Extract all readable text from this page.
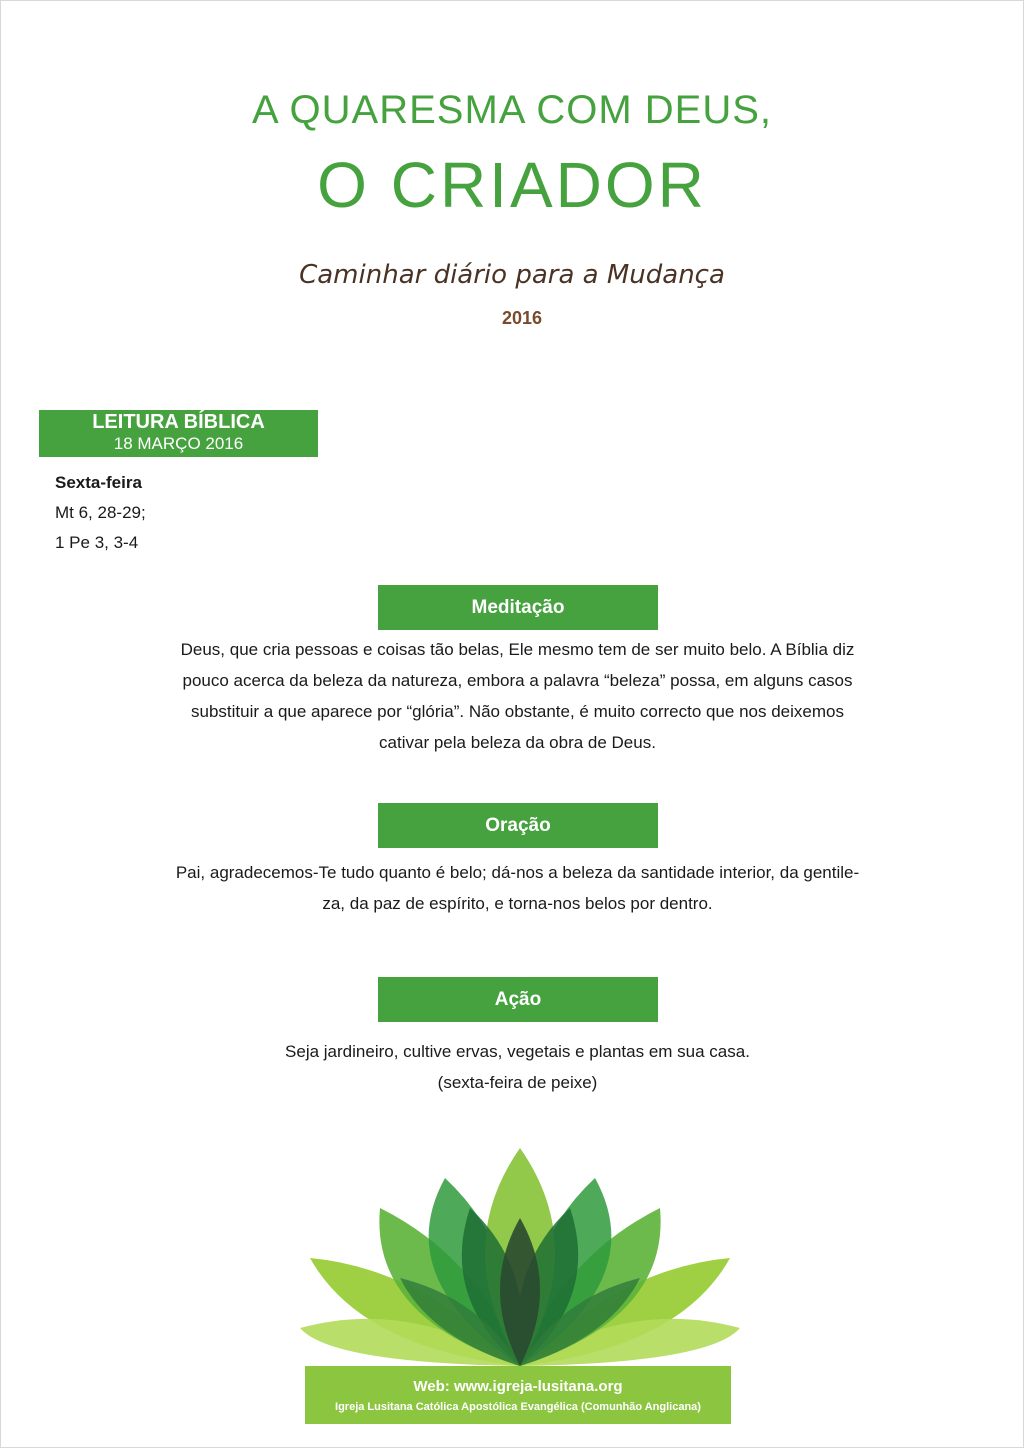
A QUARESMA COM DEUS,
O CRIADOR
Caminhar diário para a Mudança
2016
LEITURA BÍBLICA
18 MARÇO 2016
Sexta-feira
Mt 6, 28-29;
1 Pe 3, 3-4
Meditação
Deus, que cria pessoas e coisas tão belas, Ele mesmo tem de ser muito belo. A Bíblia diz
pouco acerca da beleza da natureza, embora a palavra “beleza” possa, em alguns casos
substituir a que aparece por “glória”. Não obstante, é muito correcto que nos deixemos
cativar pela beleza da obra de Deus.
Oração
Pai, agradecemos-Te tudo quanto é belo; dá-nos a beleza da santidade interior, da gentile-
za, da paz de espírito, e torna-nos belos por dentro.
Ação
Seja jardineiro, cultive ervas, vegetais e plantas em sua casa.
(sexta-feira de peixe)
Web: www.igreja-lusitana.org
Igreja Lusitana Católica Apostólica Evangélica (Comunhão Anglicana)
